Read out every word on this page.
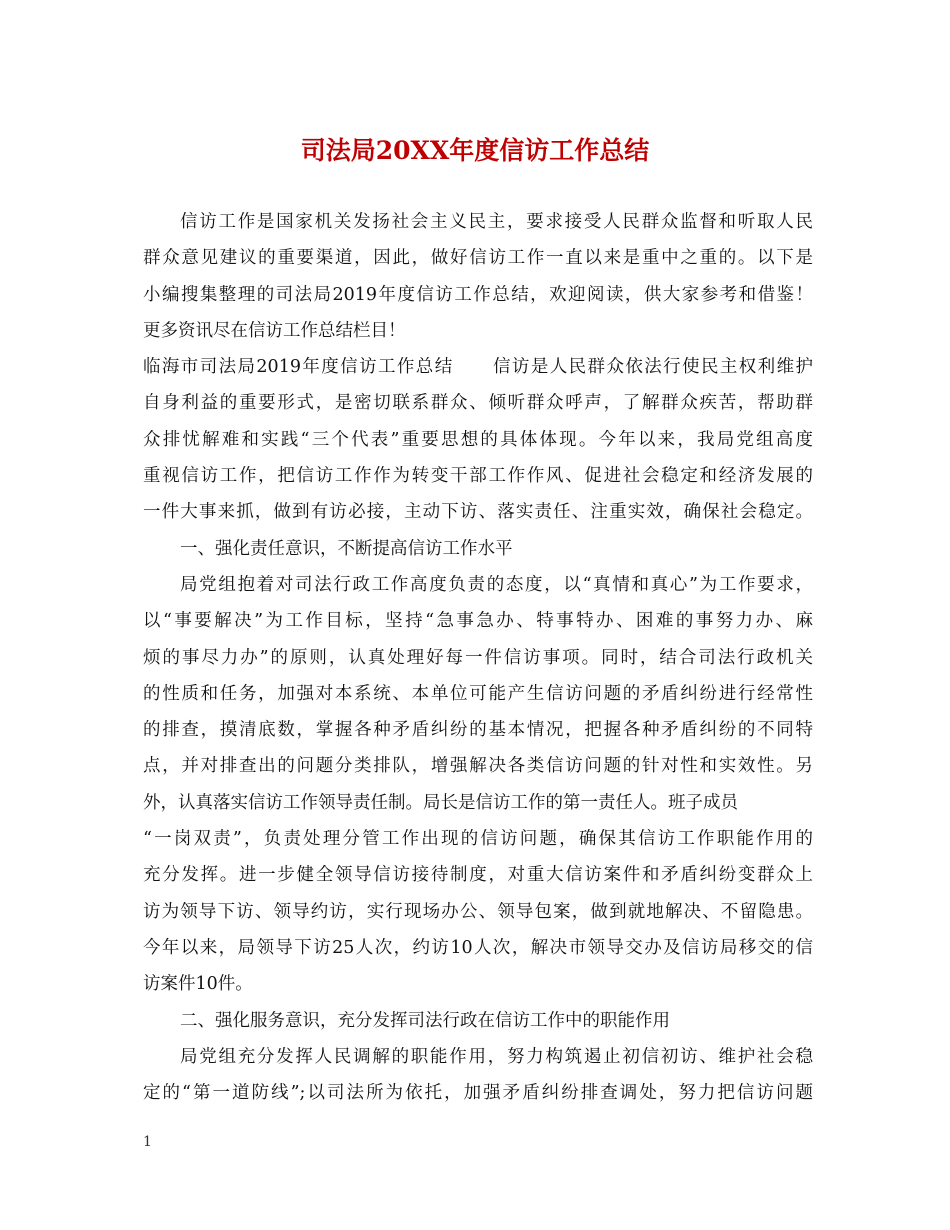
司法局20XX年度信访工作总结
信访工作是国家机关发扬社会主义民主，要求接受人民群众监督和听取人民
群众意见建议的重要渠道，因此，做好信访工作一直以来是重中之重的。以下是
小编搜集整理的司法局2019年度信访工作总结，欢迎阅读，供大家参考和借鉴！
更多资讯尽在信访工作总结栏目！
临海市司法局2019年度信访工作总结 信访是人民群众依法行使民主权利维护
自身利益的重要形式，是密切联系群众、倾听群众呼声，了解群众疾苦，帮助群
众排忧解难和实践“三个代表”重要思想的具体体现。今年以来，我局党组高度
重视信访工作，把信访工作作为转变干部工作作风、促进社会稳定和经济发展的
一件大事来抓，做到有访必接，主动下访、落实责任、注重实效，确保社会稳定。
一、强化责任意识，不断提高信访工作水平
局党组抱着对司法行政工作高度负责的态度，以“真情和真心”为工作要求，
以“事要解决”为工作目标，坚持“急事急办、特事特办、困难的事努力办、麻
烦的事尽力办”的原则，认真处理好每一件信访事项。同时，结合司法行政机关
的性质和任务，加强对本系统、本单位可能产生信访问题的矛盾纠纷进行经常性
的排查，摸清底数，掌握各种矛盾纠纷的基本情况，把握各种矛盾纠纷的不同特
点，并对排查出的问题分类排队，增强解决各类信访问题的针对性和实效性。另
外，认真落实信访工作领导责任制。局长是信访工作的第一责任人。班子成员
“一岗双责”，负责处理分管工作出现的信访问题，确保其信访工作职能作用的
充分发挥。进一步健全领导信访接待制度，对重大信访案件和矛盾纠纷变群众上
访为领导下访、领导约访，实行现场办公、领导包案，做到就地解决、不留隐患。
今年以来，局领导下访25人次，约访10人次，解决市领导交办及信访局移交的信
访案件10件。
二、强化服务意识，充分发挥司法行政在信访工作中的职能作用
局党组充分发挥人民调解的职能作用，努力构筑遏止初信初访、维护社会稳
定的“第一道防线”;以司法所为依托，加强矛盾纠纷排查调处，努力把信访问题

1
